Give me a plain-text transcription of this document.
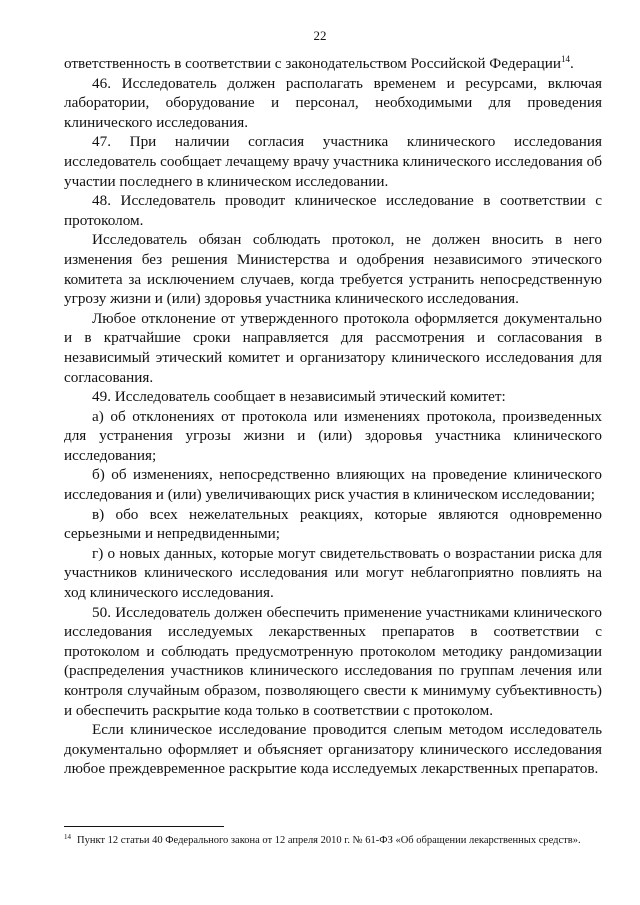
22

ответственность в соответствии с законодательством Российской Федерации$^{14}$.

46. Исследователь должен располагать временем и ресурсами, включая лаборатории, оборудование и персонал, необходимыми для проведения клинического исследования.

47. При наличии согласия участника клинического исследования исследователь сообщает лечащему врачу участника клинического исследования об участии последнего в клиническом исследовании.

48. Исследователь проводит клиническое исследование в соответствии с протоколом.

Исследователь обязан соблюдать протокол, не должен вносить в него изменения без решения Министерства и одобрения независимого этического комитета за исключением случаев, когда требуется устранить непосредственную угрозу жизни и (или) здоровья участника клинического исследования.

Любое отклонение от утвержденного протокола оформляется документально и в кратчайшие сроки направляется для рассмотрения и согласования в независимый этический комитет и организатору клинического исследования для согласования.

49. Исследователь сообщает в независимый этический комитет:

а) об отклонениях от протокола или изменениях протокола, произведенных для устранения угрозы жизни и (или) здоровья участника клинического исследования;

б) об изменениях, непосредственно влияющих на проведение клинического исследования и (или) увеличивающих риск участия в клиническом исследовании;

в) обо всех нежелательных реакциях, которые являются одновременно серьезными и непредвиденными;

г) о новых данных, которые могут свидетельствовать о возрастании риска для участников клинического исследования или могут неблагоприятно повлиять на ход клинического исследования.

50. Исследователь должен обеспечить применение участниками клинического исследования исследуемых лекарственных препаратов в соответствии с протоколом и соблюдать предусмотренную протоколом методику рандомизации (распределения участников клинического исследования по группам лечения или контроля случайным образом, позволяющего свести к минимуму субъективность) и обеспечить раскрытие кода только в соответствии с протоколом.

Если клиническое исследование проводится слепым методом исследователь документально оформляет и объясняет организатору клинического исследования любое преждевременное раскрытие кода исследуемых лекарственных препаратов.

$^{14}$ Пункт 12 статьи 40 Федерального закона от 12 апреля 2010 г. № 61-ФЗ «Об обращении лекарственных средств».
